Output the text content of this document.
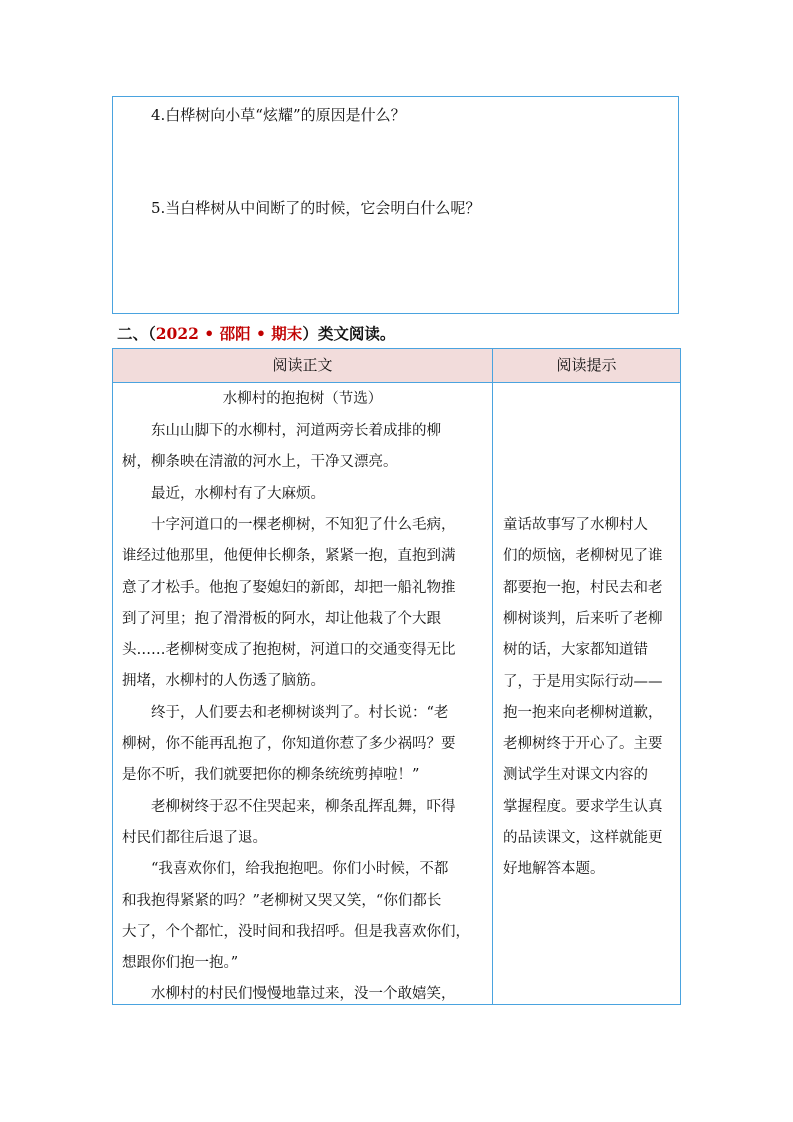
4.白桦树向小草“炫耀”的原因是什么？
5.当白桦树从中间断了的时候，它会明白什么呢？
二、（2022 • 邵阳 • 期末）类文阅读。
阅读正文	阅读提示
水柳村的抱抱树（节选）
　　东山山脚下的水柳村，河道两旁长着成排的柳
树，柳条映在清澈的河水上，干净又漂亮。
　　最近，水柳村有了大麻烦。
　　十字河道口的一棵老柳树，不知犯了什么毛病，
谁经过他那里，他便伸长柳条，紧紧一抱，直抱到满
意了才松手。他抱了娶媳妇的新郎，却把一船礼物推
到了河里；抱了滑滑板的阿水，却让他栽了个大跟
头……老柳树变成了抱抱树，河道口的交通变得无比
拥堵，水柳村的人伤透了脑筋。
　　终于，人们要去和老柳树谈判了。村长说：“老
柳树，你不能再乱抱了，你知道你惹了多少祸吗？要
是你不听，我们就要把你的柳条统统剪掉啦！”
　　老柳树终于忍不住哭起来，柳条乱挥乱舞，吓得
村民们都往后退了退。
　　“我喜欢你们，给我抱抱吧。你们小时候，不都
和我抱得紧紧的吗？”老柳树又哭又笑，“你们都长
大了，个个都忙，没时间和我招呼。但是我喜欢你们，
想跟你们抱一抱。”
　　水柳村的村民们慢慢地靠过来，没一个敢嬉笑，
童话故事写了水柳村人
们的烦恼，老柳树见了谁
都要抱一抱，村民去和老
柳树谈判，后来听了老柳
树的话，大家都知道错
了，于是用实际行动——
抱一抱来向老柳树道歉，
老柳树终于开心了。主要
测试学生对课文内容的
掌握程度。要求学生认真
的品读课文，这样就能更
好地解答本题。
